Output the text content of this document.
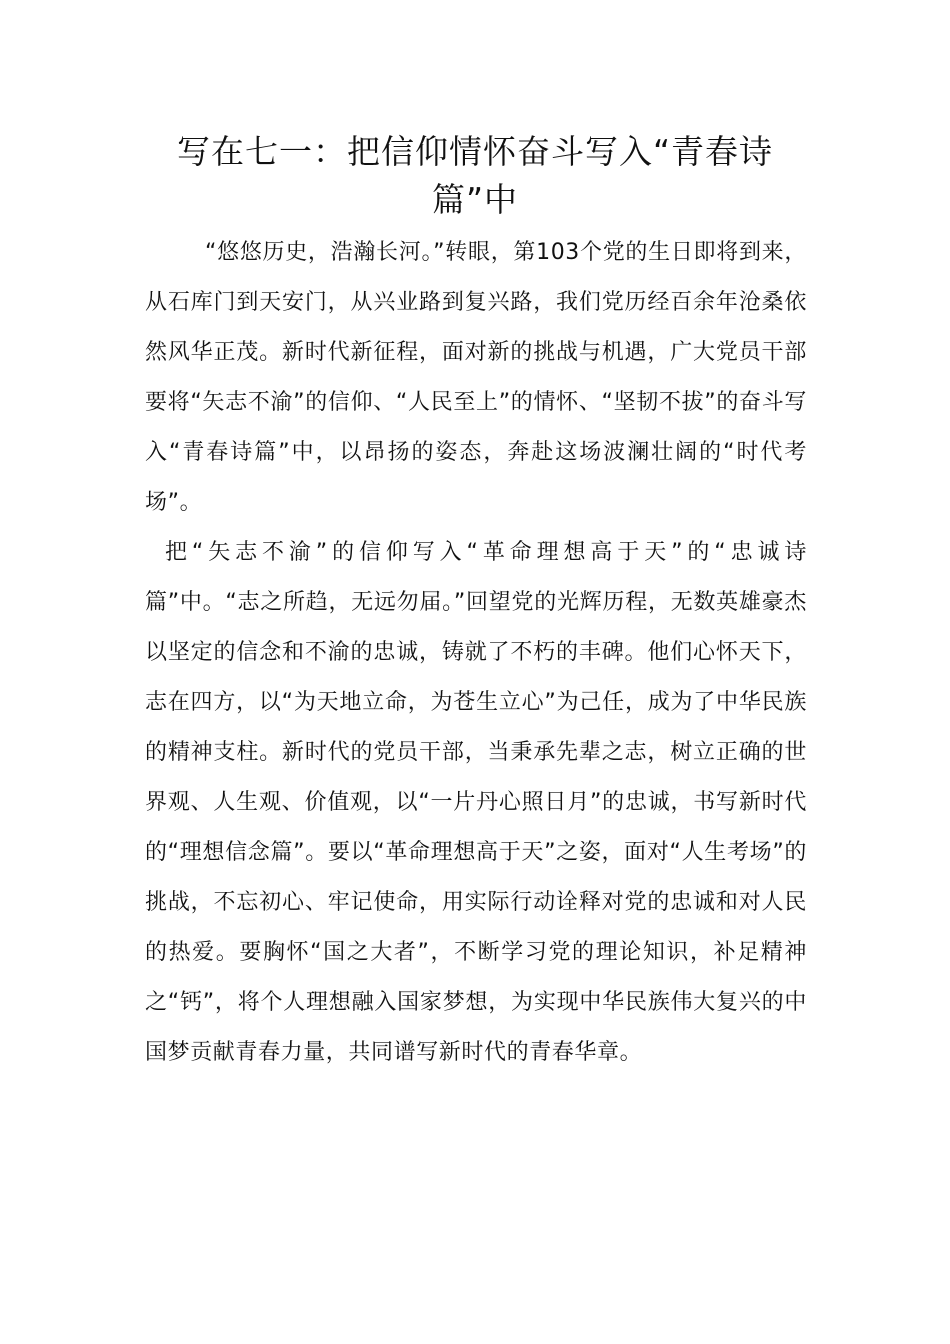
写在七一：把信仰情怀奋斗写入“青春诗篇”中

“悠悠历史，浩瀚长河。”转眼，第103个党的生日即将到来，从石库门到天安门，从兴业路到复兴路，我们党历经百余年沧桑依然风华正茂。新时代新征程，面对新的挑战与机遇，广大党员干部要将“矢志不渝”的信仰、“人民至上”的情怀、“坚韧不拔”的奋斗写入“青春诗篇”中，以昂扬的姿态，奔赴这场波澜壮阔的“时代考场”。

把“矢志不渝”的信仰写入“革命理想高于天”的“忠诚诗篇”中。“志之所趋，无远勿届。”回望党的光辉历程，无数英雄豪杰以坚定的信念和不渝的忠诚，铸就了不朽的丰碑。他们心怀天下，志在四方，以“为天地立命，为苍生立心”为己任，成为了中华民族的精神支柱。新时代的党员干部，当秉承先辈之志，树立正确的世界观、人生观、价值观，以“一片丹心照日月”的忠诚，书写新时代的“理想信念篇”。要以“革命理想高于天”之姿，面对“人生考场”的挑战，不忘初心、牢记使命，用实际行动诠释对党的忠诚和对人民的热爱。要胸怀“国之大者”，不断学习党的理论知识，补足精神之“钙”，将个人理想融入国家梦想，为实现中华民族伟大复兴的中国梦贡献青春力量，共同谱写新时代的青春华章。
